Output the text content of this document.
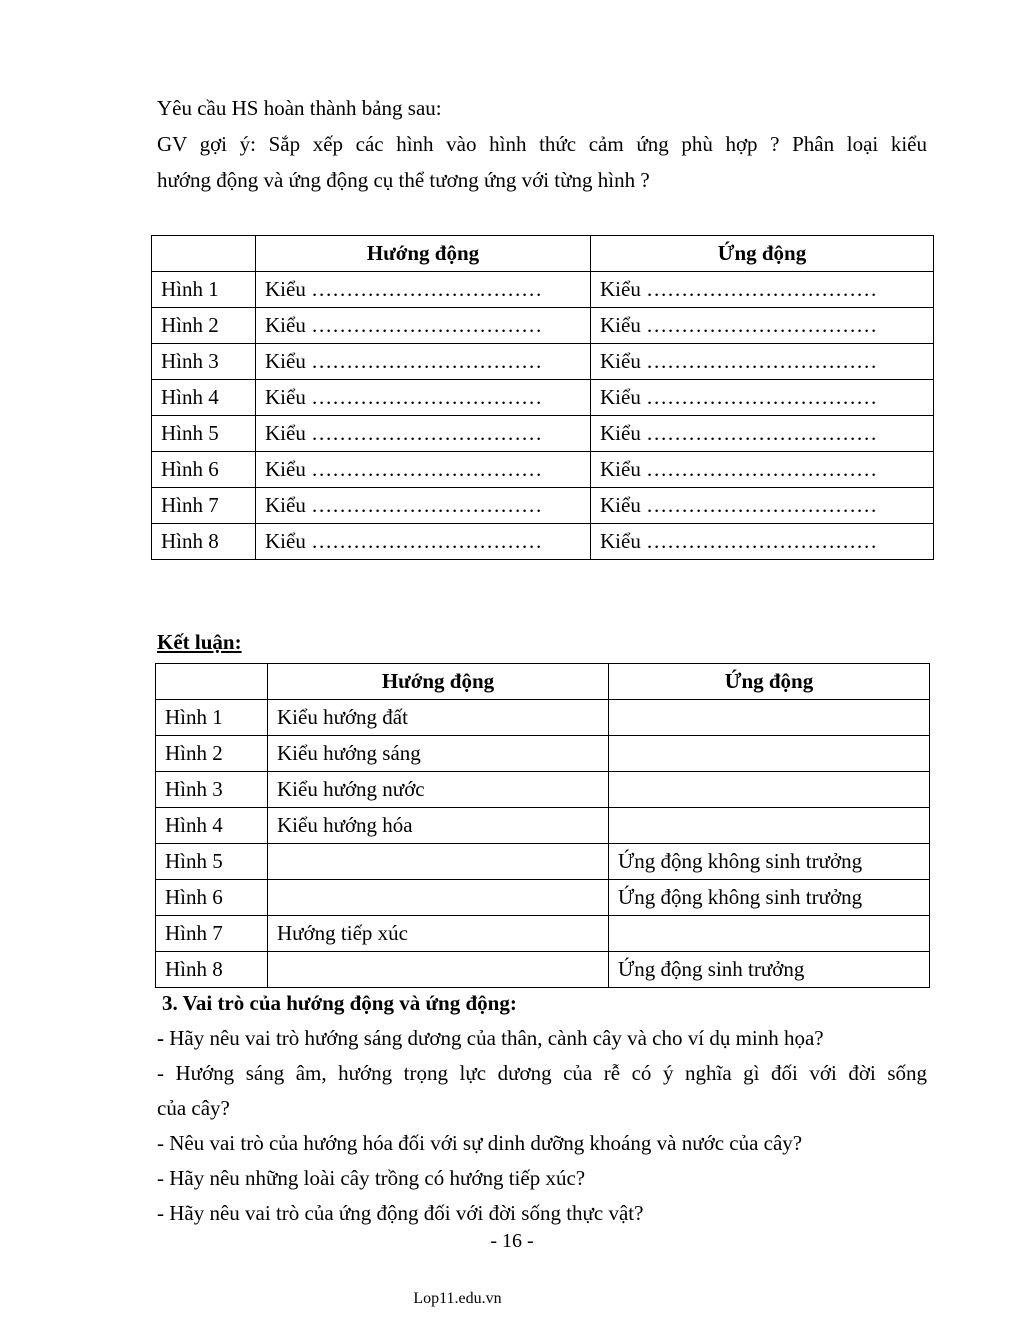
Yêu cầu HS hoàn thành bảng sau:

GV gợi ý: Sắp xếp các hình vào hình thức cảm ứng phù hợp ? Phân loại kiểu

hướng động và ứng động cụ thể tương ứng với từng hình ?

	Hướng động	Ứng động
Hình 1	Kiểu ……………………………	Kiểu ……………………………
Hình 2	Kiểu ……………………………	Kiểu ……………………………
Hình 3	Kiểu ……………………………	Kiểu ……………………………
Hình 4	Kiểu ……………………………	Kiểu ……………………………
Hình 5	Kiểu ……………………………	Kiểu ……………………………
Hình 6	Kiểu ……………………………	Kiểu ……………………………
Hình 7	Kiểu ……………………………	Kiểu ……………………………
Hình 8	Kiểu ……………………………	Kiểu ……………………………
Kết luận:
	Hướng động	Ứng động
Hình 1	Kiểu hướng đất	
Hình 2	Kiểu hướng sáng	
Hình 3	Kiểu hướng nước	
Hình 4	Kiểu hướng hóa	
Hình 5		Ứng động không sinh trưởng
Hình 6		Ứng động không sinh trưởng
Hình 7	Hướng tiếp xúc	
Hình 8		Ứng động sinh trưởng
3. Vai trò của hướng động và ứng động:

- Hãy nêu vai trò hướng sáng dương của thân, cành cây và cho ví dụ minh họa?

- Hướng sáng âm, hướng trọng lực dương của rễ có ý nghĩa gì đối với đời sống

của cây?

- Nêu vai trò của hướng hóa đối với sự dinh dưỡng khoáng và nước của cây?

- Hãy nêu những loài cây trồng có hướng tiếp xúc?

- Hãy nêu vai trò của ứng động đối với đời sống thực vật?

- 16 -
Lop11.edu.vn
